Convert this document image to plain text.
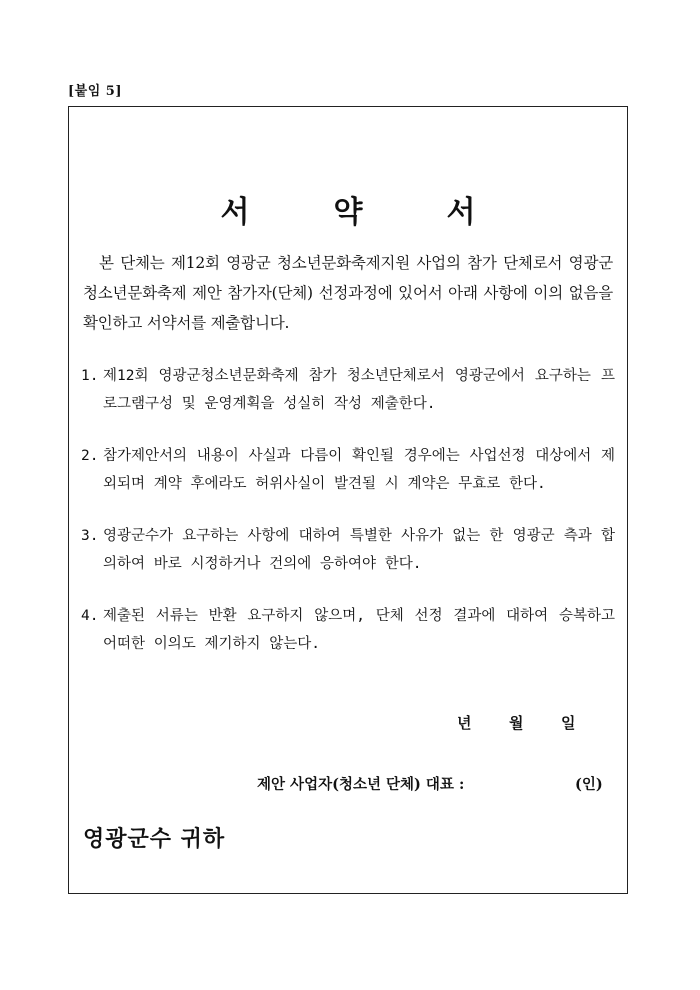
[붙임 5]
서	약	서
본 단체는 제12회 영광군 청소년문화축제지원 사업의 참가 단체로서 영광군 청소년문화축제 제안 참가자(단체) 선정과정에 있어서 아래 사항에 이의 없음을 확인하고 서약서를 제출합니다.
1. 제12회 영광군청소년문화축제 참가 청소년단체로서 영광군에서 요구하는 프로그램구성 및 운영계획을 성실히 작성 제출한다.
2. 참가제안서의 내용이 사실과 다름이 확인될 경우에는 사업선정 대상에서 제외되며 계약 후에라도 허위사실이 발견될 시 계약은 무효로 한다.
3. 영광군수가 요구하는 사항에 대하여 특별한 사유가 없는 한 영광군 측과 합의하여 바로 시정하거나 건의에 응하여야 한다.
4. 제출된 서류는 반환 요구하지 않으며, 단체 선정 결과에 대하여 승복하고 어떠한 이의도 제기하지 않는다.
년	월	일
제안 사업자(청소년 단체) 대표 :	(인)
영광군수 귀하
